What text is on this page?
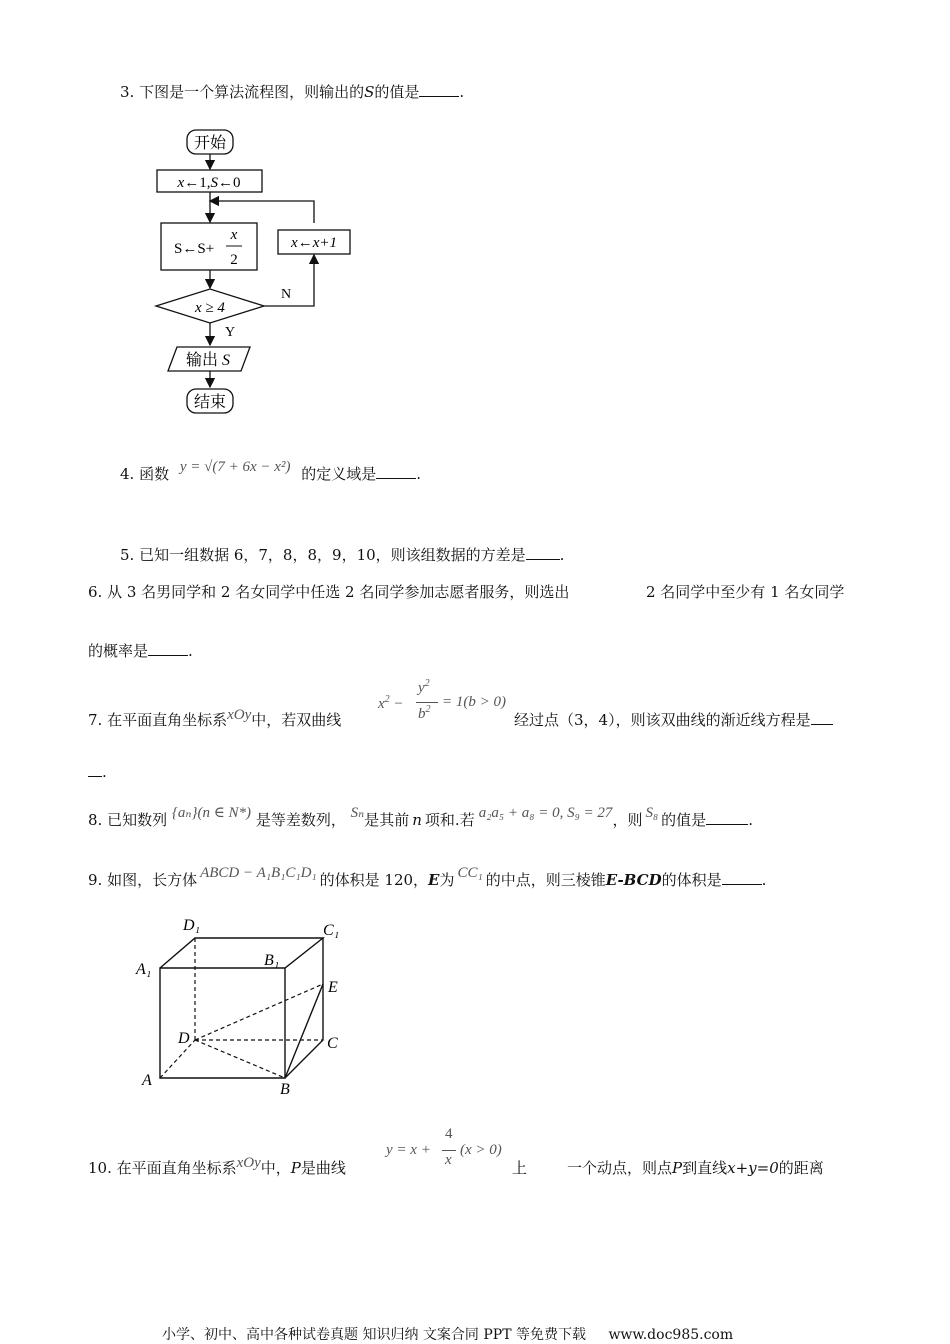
3. 下图是一个算法流程图，则输出的S的值是	.
开始
x←1,S←0
S←S+
x
2
x←x+1
x ≥ 4
N
Y
输出 S
结束
4. 函数 y = √(7 + 6x − x²) 的定义域是	.
5. 已知一组数据 6，7，8，8，9，10，则该组数据的方差是 .
6. 从 3 名男同学和 2 名女同学中任选 2 名同学参加志愿者服务，则选出	2 名同学中至少有 1 名女同学
的概率是	.
7. 在平面直角坐标系xOy中，若双曲线
$x^2$ −
$y^2$
$b^2 = 1(b > 0)$
经过点（3，4），则该双曲线的渐近线方程是
.
8. 已知数列 {aₙ}(n ∈ N*) 是等差数列， Sₙ是其前 n 项和.若 a₂a₅ + a₈ = 0, S₉ = 27，则 S₈ 的值是	.
9. 如图，长方体 ABCD − A₁B₁C₁D₁ 的体积是 120，E为 CC₁ 的中点，则三棱锥E-BCD的体积是	.
D₁	C₁
A₁
B₁
E
D	C
A
B
10. 在平面直角坐标系xOy中，P是曲线
y = x +
4
x
(x > 0)
上	一个动点，则点P到直线x+y=0的距离
小学、初中、高中各种试卷真题 知识归纳 文案合同 PPT 等免费下载 www.doc985.com
